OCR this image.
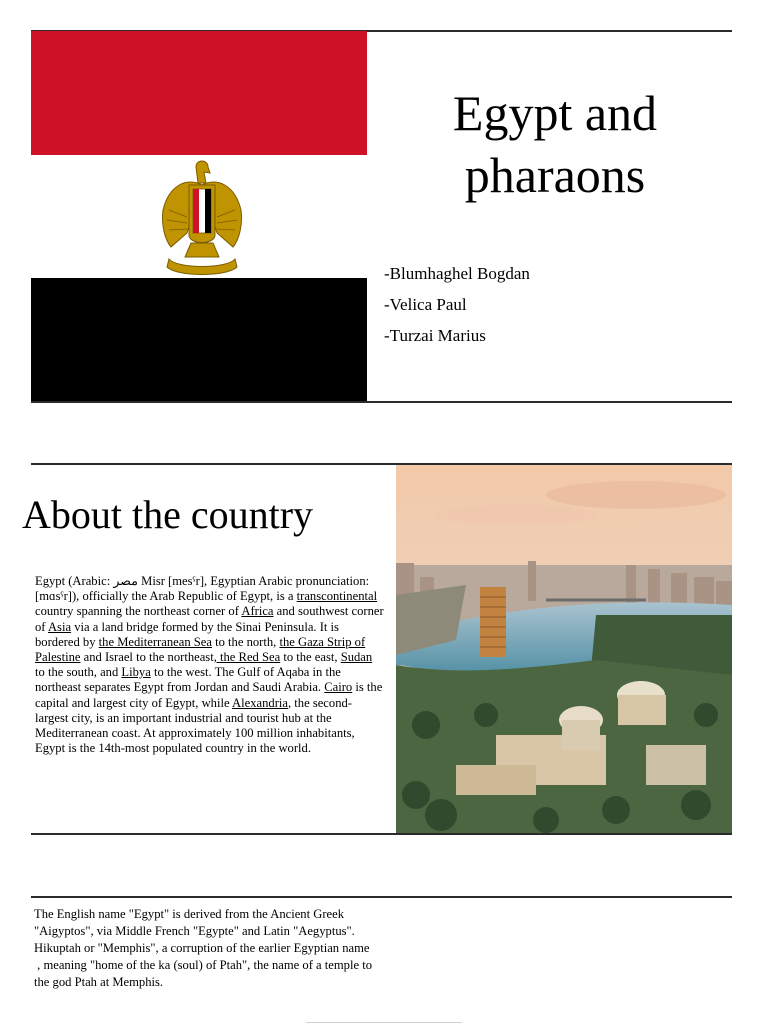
Egypt and pharaons
-Blumhaghel Bogdan
-Velica Paul
-Turzai Marius
About the country
Egypt (Arabic: مصر Misr [mesˤr], Egyptian Arabic pronunciation: [mɑsˤr]), officially the Arab Republic of Egypt, is a transcontinental country spanning the northeast corner of Africa and southwest corner of Asia via a land bridge formed by the Sinai Peninsula. It is bordered by the Mediterranean Sea to the north, the Gaza Strip of Palestine and Israel to the northeast, the Red Sea to the east, Sudan to the south, and Libya to the west. The Gulf of Aqaba in the northeast separates Egypt from Jordan and Saudi Arabia. Cairo is the capital and largest city of Egypt, while Alexandria, the second-largest city, is an important industrial and tourist hub at the Mediterranean coast. At approximately 100 million inhabitants, Egypt is the 14th-most populated country in the world.
The English name "Egypt" is derived from the Ancient Greek "Aigyptos", via Middle French "Egypte" and Latin "Aegyptus".
Hikuptah or "Memphis", a corruption of the earlier Egyptian name
, meaning "home of the ka (soul) of Ptah", the name of a temple to the god Ptah at Memphis.
